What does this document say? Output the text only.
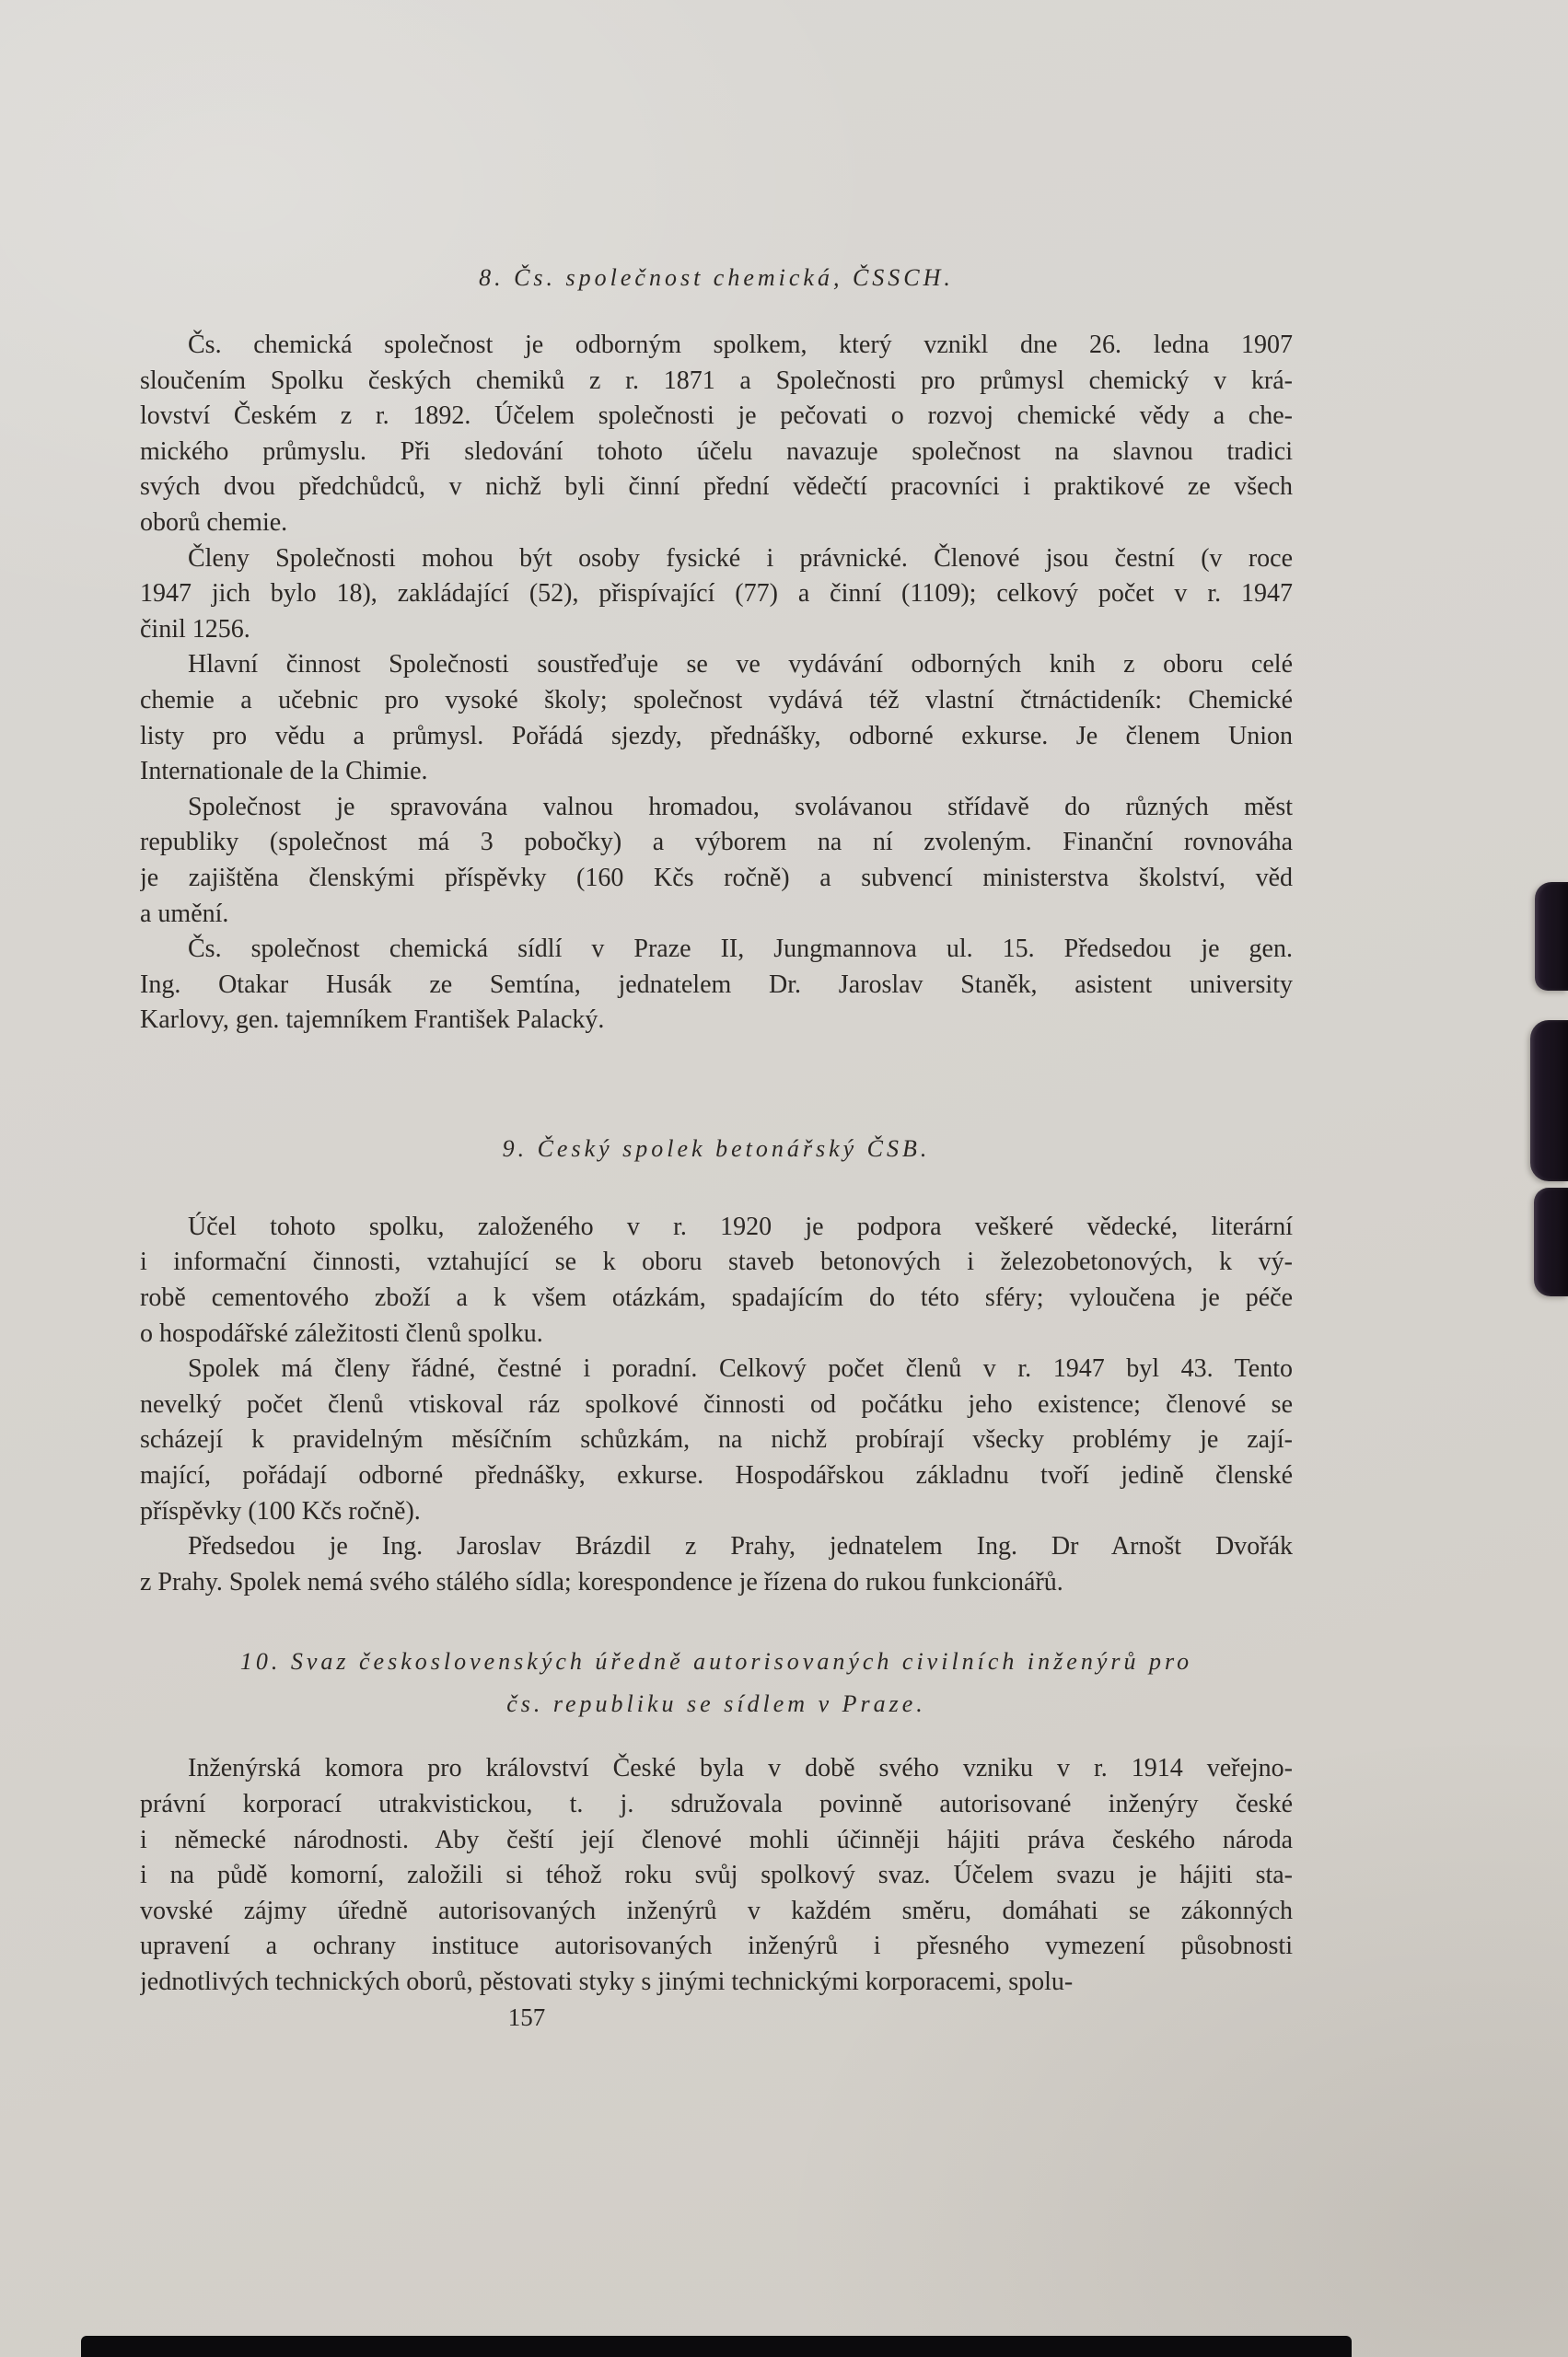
8. Čs. společnost chemická, ČSSCH.
Čs. chemická společnost je odborným spolkem, který vznikl dne 26. ledna 1907
sloučením Spolku českých chemiků z r. 1871 a Společnosti pro průmysl chemický v krá-
lovství Českém z r. 1892. Účelem společnosti je pečovati o rozvoj chemické vědy a che-
mického průmyslu. Při sledování tohoto účelu navazuje společnost na slavnou tradici
svých dvou předchůdců, v nichž byli činní přední vědečtí pracovníci i praktikové ze všech
oborů chemie.
Členy Společnosti mohou být osoby fysické i právnické. Členové jsou čestní (v roce
1947 jich bylo 18), zakládající (52), přispívající (77) a činní (1109); celkový počet v r. 1947
činil 1256.
Hlavní činnost Společnosti soustřeďuje se ve vydávání odborných knih z oboru celé
chemie a učebnic pro vysoké školy; společnost vydává též vlastní čtrnáctideník: Chemické
listy pro vědu a průmysl. Pořádá sjezdy, přednášky, odborné exkurse. Je členem Union
Internationale de la Chimie.
Společnost je spravována valnou hromadou, svolávanou střídavě do různých měst
republiky (společnost má 3 pobočky) a výborem na ní zvoleným. Finanční rovnováha
je zajištěna členskými příspěvky (160 Kčs ročně) a subvencí ministerstva školství, věd
a umění.
Čs. společnost chemická sídlí v Praze II, Jungmannova ul. 15. Předsedou je gen.
Ing. Otakar Husák ze Semtína, jednatelem Dr. Jaroslav Staněk, asistent university
Karlovy, gen. tajemníkem František Palacký.
9. Český spolek betonářský ČSB.
Účel tohoto spolku, založeného v r. 1920 je podpora veškeré vědecké, literární
i informační činnosti, vztahující se k oboru staveb betonových i železobetonových, k vý-
robě cementového zboží a k všem otázkám, spadajícím do této sféry; vyloučena je péče
o hospodářské záležitosti členů spolku.
Spolek má členy řádné, čestné i poradní. Celkový počet členů v r. 1947 byl 43. Tento
nevelký počet členů vtiskoval ráz spolkové činnosti od počátku jeho existence; členové se
scházejí k pravidelným měsíčním schůzkám, na nichž probírají všecky problémy je zají-
mající, pořádají odborné přednášky, exkurse. Hospodářskou základnu tvoří jedině členské
příspěvky (100 Kčs ročně).
Předsedou je Ing. Jaroslav Brázdil z Prahy, jednatelem Ing. Dr Arnošt Dvořák
z Prahy. Spolek nemá svého stálého sídla; korespondence je řízena do rukou funkcionářů.
10. Svaz československých úředně autorisovaných civilních inženýrů pro
čs. republiku se sídlem v Praze.
Inženýrská komora pro království České byla v době svého vzniku v r. 1914 veřejno-
právní korporací utrakvistickou, t. j. sdružovala povinně autorisované inženýry české
i německé národnosti. Aby čeští její členové mohli účinněji hájiti práva českého národa
i na půdě komorní, založili si téhož roku svůj spolkový svaz. Účelem svazu je hájiti sta-
vovské zájmy úředně autorisovaných inženýrů v každém směru, domáhati se zákonných
upravení a ochrany instituce autorisovaných inženýrů i přesného vymezení působnosti
jednotlivých technických oborů, pěstovati styky s jinými technickými korporacemi, spolu-
157
